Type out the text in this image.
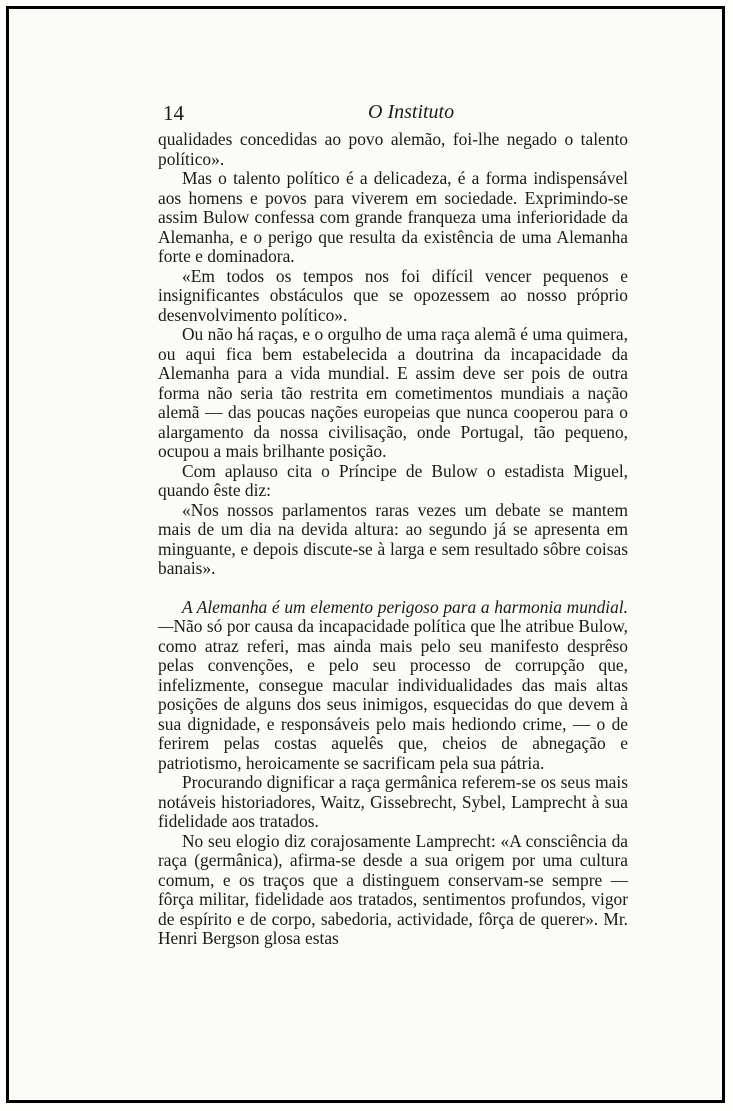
14	O Instituto

qualidades concedidas ao povo alemão, foi-lhe negado o talento político».

Mas o talento político é a delicadeza, é a forma indispensável aos homens e povos para viverem em sociedade. Exprimindo-se assim Bulow confessa com grande franqueza uma inferioridade da Alemanha, e o perigo que resulta da existência de uma Alemanha forte e dominadora.

«Em todos os tempos nos foi difícil vencer pequenos e insignificantes obstáculos que se opozessem ao nosso próprio desenvolvimento político».

Ou não há raças, e o orgulho de uma raça alemã é uma quimera, ou aqui fica bem estabelecida a doutrina da incapacidade da Alemanha para a vida mundial. E assim deve ser pois de outra forma não seria tão restrita em cometimentos mundiais a nação alemã — das poucas nações europeias que nunca cooperou para o alargamento da nossa civilisação, onde Portugal, tão pequeno, ocupou a mais brilhante posição.

Com aplauso cita o Príncipe de Bulow o estadista Miguel, quando êste diz:

«Nos nossos parlamentos raras vezes um debate se mantem mais de um dia na devida altura: ao segundo já se apresenta em minguante, e depois discute-se à larga e sem resultado sôbre coisas banais».

A Alemanha é um elemento perigoso para a harmonia mundial. —Não só por causa da incapacidade política que lhe atribue Bulow, como atraz referi, mas ainda mais pelo seu manifesto desprêso pelas convenções, e pelo seu processo de corrupção que, infelizmente, consegue macular individualidades das mais altas posições de alguns dos seus inimigos, esquecidas do que devem à sua dignidade, e responsáveis pelo mais hediondo crime, — o de ferirem pelas costas aquelês que, cheios de abnegação e patriotismo, heroicamente se sacrificam pela sua pátria.

Procurando dignificar a raça germânica referem-se os seus mais notáveis historiadores, Waitz, Gissebrecht, Sybel, Lamprecht à sua fidelidade aos tratados.

No seu elogio diz corajosamente Lamprecht: «A consciência da raça (germânica), afirma-se desde a sua origem por uma cultura comum, e os traços que a distinguem conservam-se sempre — fôrça militar, fidelidade aos tratados, sentimentos profundos, vigor de espírito e de corpo, sabedoria, actividade, fôrça de querer». Mr. Henri Bergson glosa estas
